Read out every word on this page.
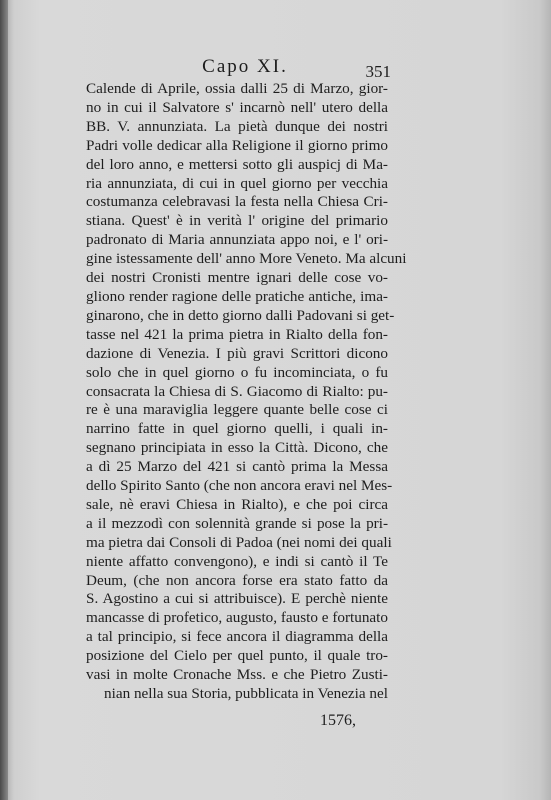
Capo XI.	351
Calende di Aprile, ossia dalli 25 di Marzo, gior-
no in cui il Salvatore s' incarnò nell' utero della
BB. V. annunziata. La pietà dunque dei nostri
Padri volle dedicar alla Religione il giorno primo
del loro anno, e mettersi sotto gli auspicj di Ma-
ria annunziata, di cui in quel giorno per vecchia
costumanza celebravasi la festa nella Chiesa Cri-
stiana. Quest' è in verità l' origine del primario
padronato di Maria annunziata appo noi, e l' ori-
gine istessamente dell' anno More Veneto. Ma alcuni
dei nostri Cronisti mentre ignari delle cose vo-
gliono render ragione delle pratiche antiche, ima-
ginarono, che in detto giorno dalli Padovani si get-
tasse nel 421 la prima pietra in Rialto della fon-
dazione di Venezia. I più gravi Scrittori dicono
solo che in quel giorno o fu incominciata, o fu
consacrata la Chiesa di S. Giacomo di Rialto: pu-
re è una maraviglia leggere quante belle cose ci
narrino fatte in quel giorno quelli, i quali in-
segnano principiata in esso la Città. Dicono, che
a dì 25 Marzo del 421 si cantò prima la Messa
dello Spirito Santo (che non ancora eravi nel Mes-
sale, nè eravi Chiesa in Rialto), e che poi circa
a il mezzodì con solennità grande si pose la pri-
ma pietra dai Consoli di Padoa (nei nomi dei quali
niente affatto convengono), e indi si cantò il Te
Deum, (che non ancora forse era stato fatto da
S. Agostino a cui si attribuisce). E perchè niente
mancasse di profetico, augusto, fausto e fortunato
a tal principio, si fece ancora il diagramma della
posizione del Cielo per quel punto, il quale tro-
vasi in molte Cronache Mss. e che Pietro Zusti-
nian nella sua Storia, pubblicata in Venezia nel
1576,
